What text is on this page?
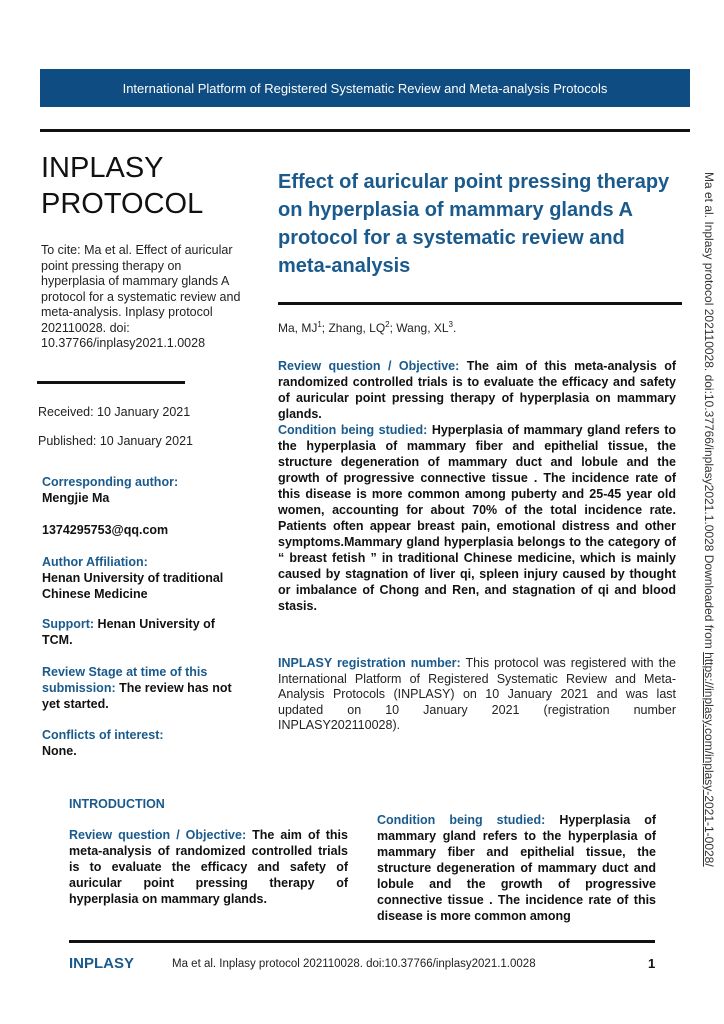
International Platform of Registered Systematic Review and Meta-analysis Protocols
INPLASY
PROTOCOL
To cite: Ma et al. Effect of auricular point pressing therapy on hyperplasia of mammary glands A protocol for a systematic review and meta-analysis. Inplasy protocol 202110028. doi: 10.37766/inplasy2021.1.0028
Received: 10 January 2021
Published: 10 January 2021
Corresponding author:
Mengjie Ma
1374295753@qq.com
Author Affiliation:
Henan University of traditional Chinese Medicine
Support: Henan University of TCM.
Review Stage at time of this submission: The review has not yet started.
Conflicts of interest:
None.
Effect of auricular point pressing therapy on hyperplasia of mammary glands A protocol for a systematic review and meta-analysis
Ma, $MJ^1$; Zhang, $LQ^2$; Wang, $XL^3$.
Review question / Objective: The aim of this meta-analysis of randomized controlled trials is to evaluate the efficacy and safety of auricular point pressing therapy of hyperplasia on mammary glands.
Condition being studied: Hyperplasia of mammary gland refers to the hyperplasia of mammary fiber and epithelial tissue, the structure degeneration of mammary duct and lobule and the growth of progressive connective tissue . The incidence rate of this disease is more common among puberty and 25-45 year old women, accounting for about 70% of the total incidence rate. Patients often appear breast pain, emotional distress and other symptoms.Mammary gland hyperplasia belongs to the category of “ breast fetish ” in traditional Chinese medicine, which is mainly caused by stagnation of liver qi, spleen injury caused by thought or imbalance of Chong and Ren, and stagnation of qi and blood stasis.
INPLASY registration number: This protocol was registered with the International Platform of Registered Systematic Review and Meta-Analysis Protocols (INPLASY) on 10 January 2021 and was last updated on 10 January 2021 (registration number INPLASY202110028).
INTRODUCTION
Review question / Objective: The aim of this meta-analysis of randomized controlled trials is to evaluate the efficacy and safety of auricular point pressing therapy of hyperplasia on mammary glands.
Condition being studied: Hyperplasia of mammary gland refers to the hyperplasia of mammary fiber and epithelial tissue, the structure degeneration of mammary duct and lobule and the growth of progressive connective tissue . The incidence rate of this disease is more common among
INPLASY	Ma et al. Inplasy protocol 202110028. doi:10.37766/inplasy2021.1.0028	1
Ma et al. Inplasy protocol 202110028. doi:10.37766/inplasy2021.1.0028 Downloaded from https://inplasy.com/inplasy-2021-1-0028/
